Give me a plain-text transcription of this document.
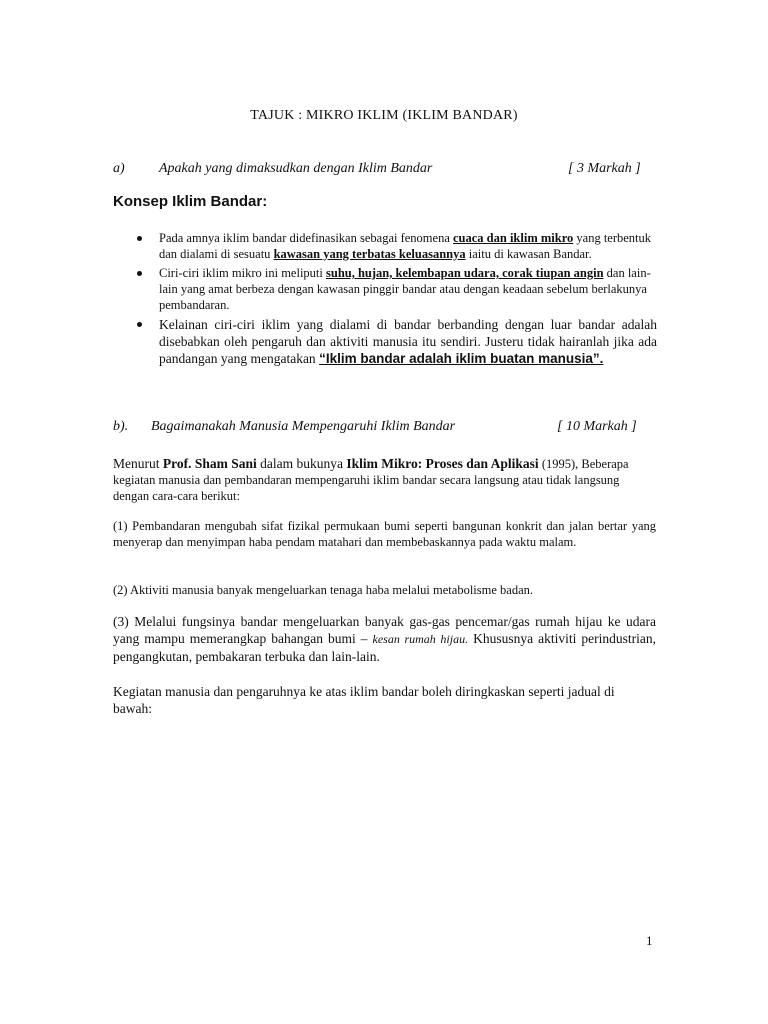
TAJUK : MIKRO IKLIM (IKLIM BANDAR)
a) Apakah yang dimaksudkan dengan Iklim Bandar	[ 3 Markah ]
Konsep Iklim Bandar:
Pada amnya iklim bandar didefinasikan sebagai fenomena cuaca dan iklim mikro yang terbentuk dan dialami di sesuatu kawasan yang terbatas keluasannya iaitu di kawasan Bandar.
Ciri-ciri iklim mikro ini meliputi suhu, hujan, kelembapan udara, corak tiupan angin dan lain-lain yang amat berbeza dengan kawasan pinggir bandar atau dengan keadaan sebelum berlakunya pembandaran.
Kelainan ciri-ciri iklim yang dialami di bandar berbanding dengan luar bandar adalah disebabkan oleh pengaruh dan aktiviti manusia itu sendiri. Justeru tidak hairanlah jika ada pandangan yang mengatakan “Iklim bandar adalah iklim buatan manusia”.
b). Bagaimanakah Manusia Mempengaruhi Iklim Bandar	[ 10 Markah ]
Menurut Prof. Sham Sani dalam bukunya Iklim Mikro: Proses dan Aplikasi (1995), Beberapa kegiatan manusia dan pembandaran mempengaruhi iklim bandar secara langsung atau tidak langsung dengan cara-cara berikut:
(1) Pembandaran mengubah sifat fizikal permukaan bumi seperti bangunan konkrit dan jalan bertar yang menyerap dan menyimpan haba pendam matahari dan membebaskannya pada waktu malam.
(2) Aktiviti manusia banyak mengeluarkan tenaga haba melalui metabolisme badan.
(3) Melalui fungsinya bandar mengeluarkan banyak gas-gas pencemar/gas rumah hijau ke udara yang mampu memerangkap bahangan bumi – kesan rumah hijau. Khususnya aktiviti perindustrian, pengangkutan, pembakaran terbuka dan lain-lain.
Kegiatan manusia dan pengaruhnya ke atas iklim bandar boleh diringkaskan seperti jadual di bawah:
1
